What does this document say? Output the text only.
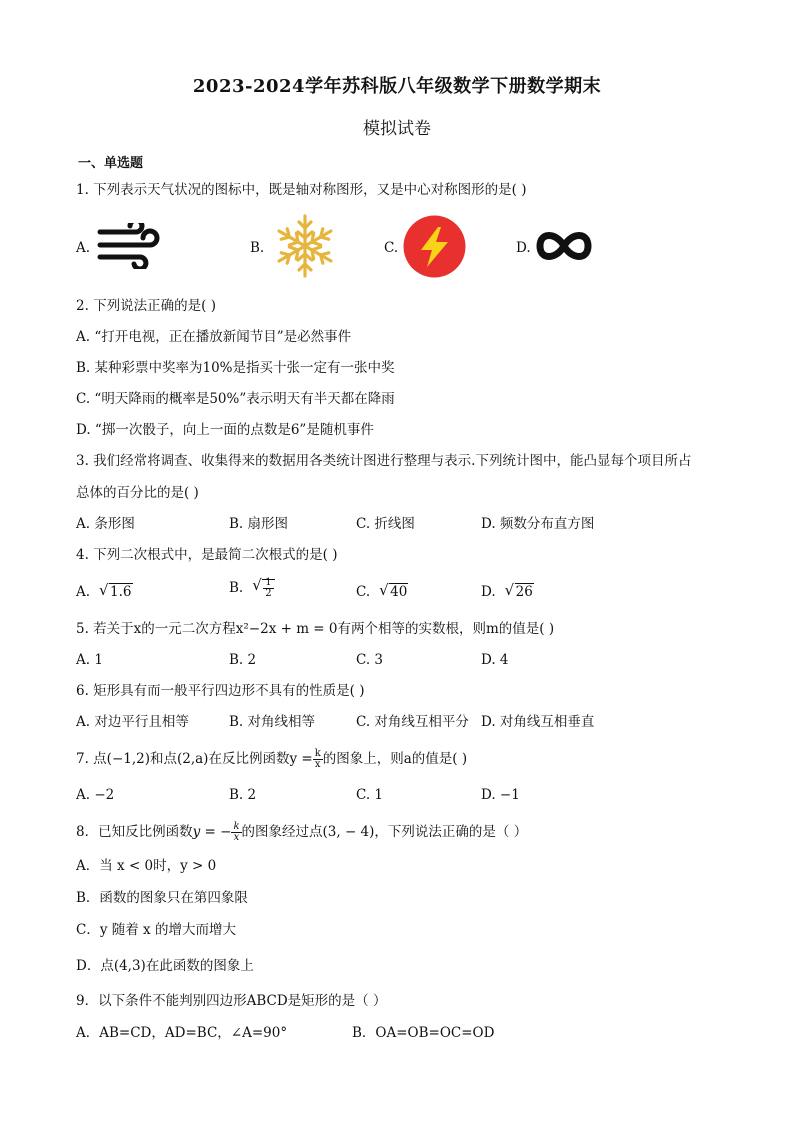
2023-2024学年苏科版八年级数学下册数学期末
模拟试卷
一、单选题
1. 下列表示天气状况的图标中，既是轴对称图形，又是中心对称图形的是( )
A.	B.	C.	D.
2. 下列说法正确的是( )
A. “打开电视，正在播放新闻节目”是必然事件
B. 某种彩票中奖率为10%是指买十张一定有一张中奖
C. “明天降雨的概率是50%”表示明天有半天都在降雨
D. “掷一次骰子，向上一面的点数是6”是随机事件
3. 我们经常将调查、收集得来的数据用各类统计图进行整理与表示.下列统计图中，能凸显每个项目所占
总体的百分比的是( )
A. 条形图	B. 扇形图	C. 折线图	D. 频数分布直方图
4. 下列二次根式中，是最简二次根式的是( )
A. √ 1.6	B. √ $\frac{1}{2}$	C. √ 40	D. √ 26
5. 若关于x的一元二次方程x²−2x + m = 0有两个相等的实数根，则m的值是( )
A. 1	B. 2	C. 3	D. 4
6. 矩形具有而一般平行四边形不具有的性质是( )
A. 对边平行且相等	B. 对角线相等	C. 对角线互相平分 D. 对角线互相垂直
7. 点(−1,2)和点(2,a)在反比例函数$y = \frac{k}{x}$ 的图象上，则a的值是( )
A. −2	B. 2	C. 1	D. −1
8．已知反比例函数y = − $\frac{k}{x}$ 的图象经过点(3, − 4)，下列说法正确的是（ ）
A．当 x < 0时，y > 0
B．函数的图象只在第四象限
C．y 随着 x 的增大而增大
D．点(4,3)在此函数的图象上
9．以下条件不能判别四边形ABCD是矩形的是（ ）
A．AB=CD，AD=BC，∠A=90°	B．OA=OB=OC=OD
